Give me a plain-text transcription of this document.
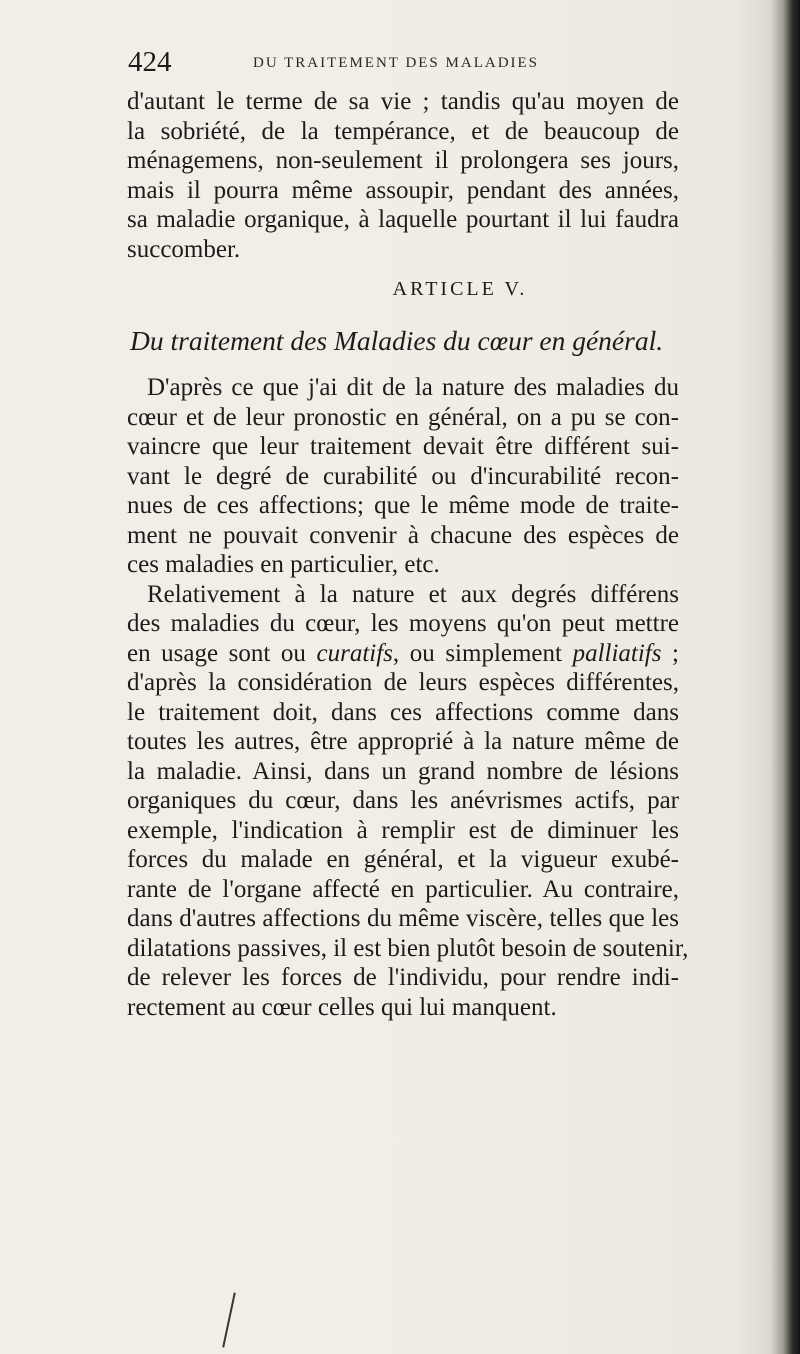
424	DU TRAITEMENT DES MALADIES
d'autant le terme de sa vie ; tandis qu'au moyen de
la sobriété, de la tempérance, et de beaucoup de
ménagemens, non-seulement il prolongera ses jours,
mais il pourra même assoupir, pendant des années,
sa maladie organique, à laquelle pourtant il lui faudra
succomber.
ARTICLE V.
Du traitement des Maladies du cœur en général.
D'après ce que j'ai dit de la nature des maladies du
cœur et de leur pronostic en général, on a pu se con-
vaincre que leur traitement devait être différent sui-
vant le degré de curabilité ou d'incurabilité recon-
nues de ces affections; que le même mode de traite-
ment ne pouvait convenir à chacune des espèces de
ces maladies en particulier, etc.
Relativement à la nature et aux degrés différens
des maladies du cœur, les moyens qu'on peut mettre
en usage sont ou curatifs, ou simplement palliatifs ;
d'après la considération de leurs espèces différentes,
le traitement doit, dans ces affections comme dans
toutes les autres, être approprié à la nature même de
la maladie. Ainsi, dans un grand nombre de lésions
organiques du cœur, dans les anévrismes actifs, par
exemple, l'indication à remplir est de diminuer les
forces du malade en général, et la vigueur exubé-
rante de l'organe affecté en particulier. Au contraire,
dans d'autres affections du même viscère, telles que les
dilatations passives, il est bien plutôt besoin de soutenir,
de relever les forces de l'individu, pour rendre indi-
rectement au cœur celles qui lui manquent.
